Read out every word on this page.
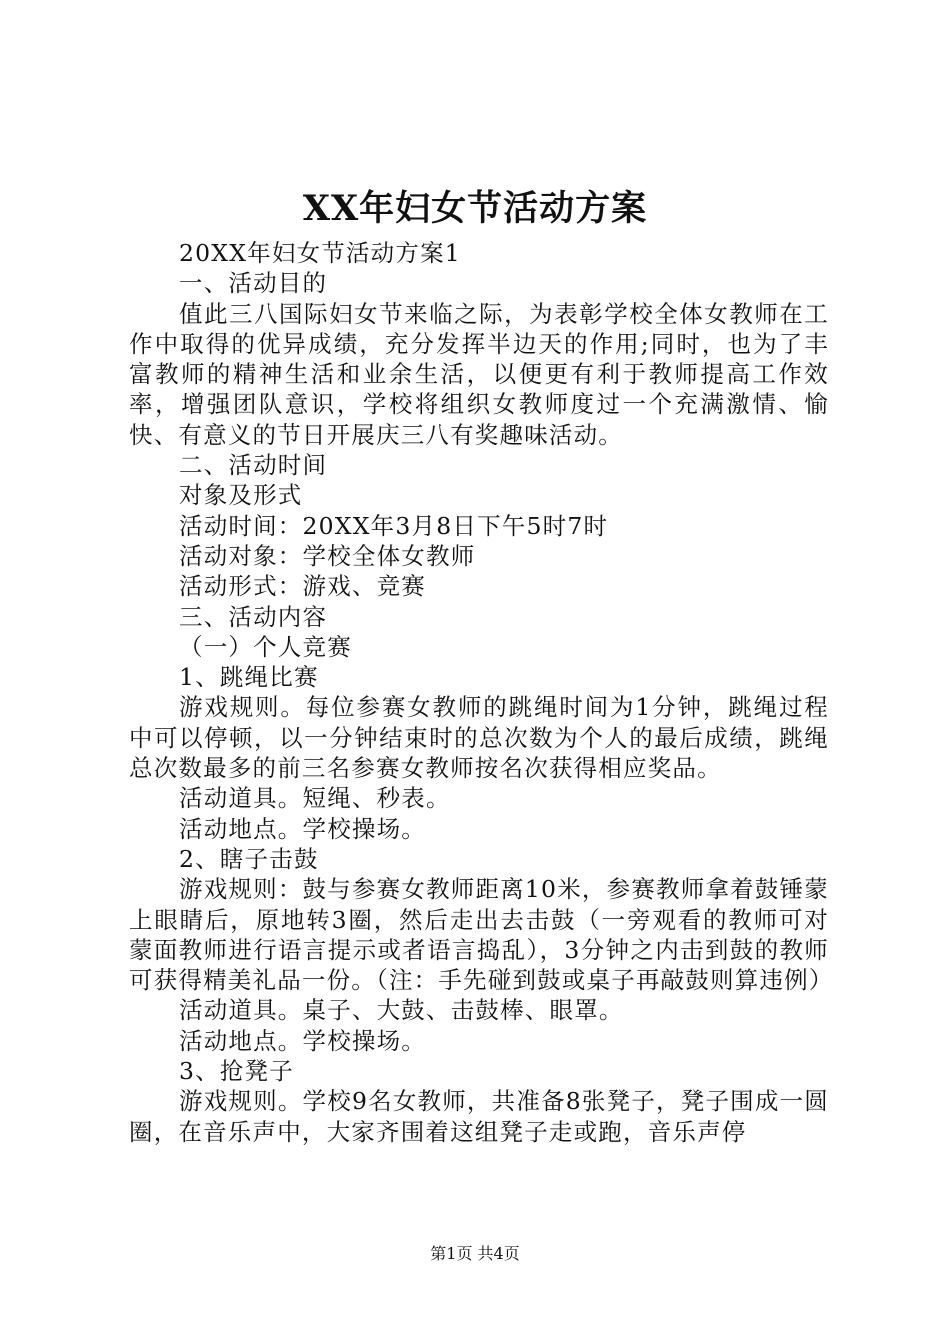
XX年妇女节活动方案

20XX年妇女节活动方案1

一、活动目的

值此三八国际妇女节来临之际，为表彰学校全体女教师在工作中取得的优异成绩，充分发挥半边天的作用;同时，也为了丰富教师的精神生活和业余生活，以便更有利于教师提高工作效率，增强团队意识，学校将组织女教师度过一个充满激情、愉快、有意义的节日开展庆三八有奖趣味活动。

二、活动时间

对象及形式

活动时间：20XX年3月8日下午5时7时

活动对象：学校全体女教师

活动形式：游戏、竞赛

三、活动内容

（一）个人竞赛

1、跳绳比赛

游戏规则。每位参赛女教师的跳绳时间为1分钟，跳绳过程中可以停顿，以一分钟结束时的总次数为个人的最后成绩，跳绳总次数最多的前三名参赛女教师按名次获得相应奖品。

活动道具。短绳、秒表。

活动地点。学校操场。

2、瞎子击鼓

游戏规则：鼓与参赛女教师距离10米，参赛教师拿着鼓锤蒙上眼睛后，原地转3圈，然后走出去击鼓（一旁观看的教师可对蒙面教师进行语言提示或者语言捣乱），3分钟之内击到鼓的教师可获得精美礼品一份。（注：手先碰到鼓或桌子再敲鼓则算违例）

活动道具。桌子、大鼓、击鼓棒、眼罩。

活动地点。学校操场。

3、抢凳子

游戏规则。学校9名女教师，共准备8张凳子，凳子围成一圆圈，在音乐声中，大家齐围着这组凳子走或跑，音乐声停

第1页 共4页
